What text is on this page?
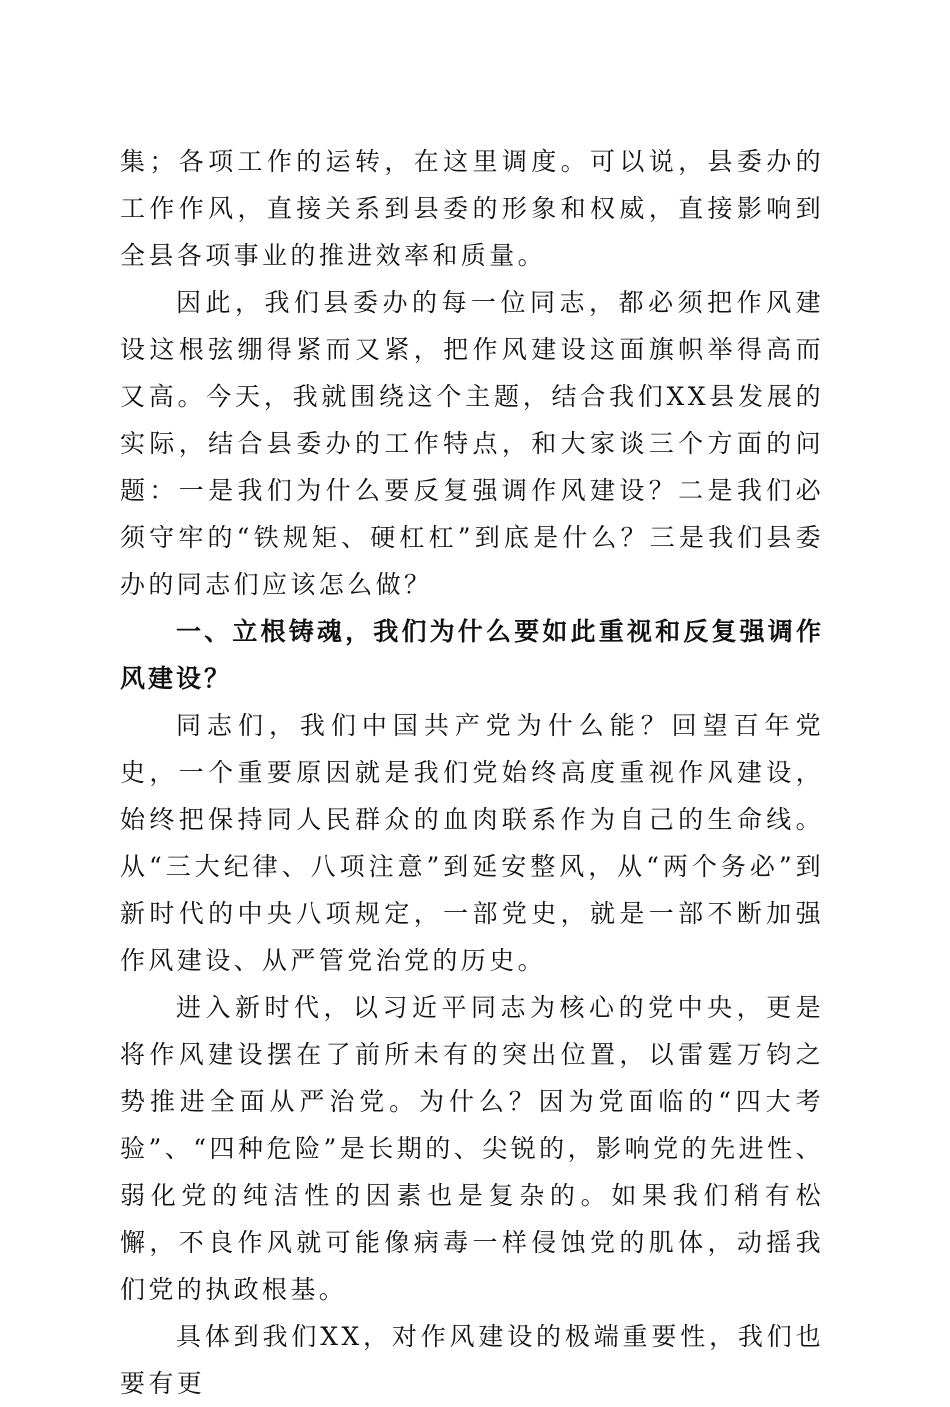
集；各项工作的运转，在这里调度。可以说，县委办的工作作风，直接关系到县委的形象和权威，直接影响到全县各项事业的推进效率和质量。

因此，我们县委办的每一位同志，都必须把作风建设这根弦绷得紧而又紧，把作风建设这面旗帜举得高而又高。今天，我就围绕这个主题，结合我们XX县发展的实际，结合县委办的工作特点，和大家谈三个方面的问题：一是我们为什么要反复强调作风建设？二是我们必须守牢的“铁规矩、硬杠杠”到底是什么？三是我们县委办的同志们应该怎么做？

一、立根铸魂，我们为什么要如此重视和反复强调作风建设？

同志们，我们中国共产党为什么能？回望百年党史，一个重要原因就是我们党始终高度重视作风建设，始终把保持同人民群众的血肉联系作为自己的生命线。从“三大纪律、八项注意”到延安整风，从“两个务必”到新时代的中央八项规定，一部党史，就是一部不断加强作风建设、从严管党治党的历史。

进入新时代，以习近平同志为核心的党中央，更是将作风建设摆在了前所未有的突出位置，以雷霆万钧之势推进全面从严治党。为什么？因为党面临的“四大考验”、“四种危险”是长期的、尖锐的，影响党的先进性、弱化党的纯洁性的因素也是复杂的。如果我们稍有松懈，不良作风就可能像病毒一样侵蚀党的肌体，动摇我们党的执政根基。

具体到我们XX，对作风建设的极端重要性，我们也要有更
